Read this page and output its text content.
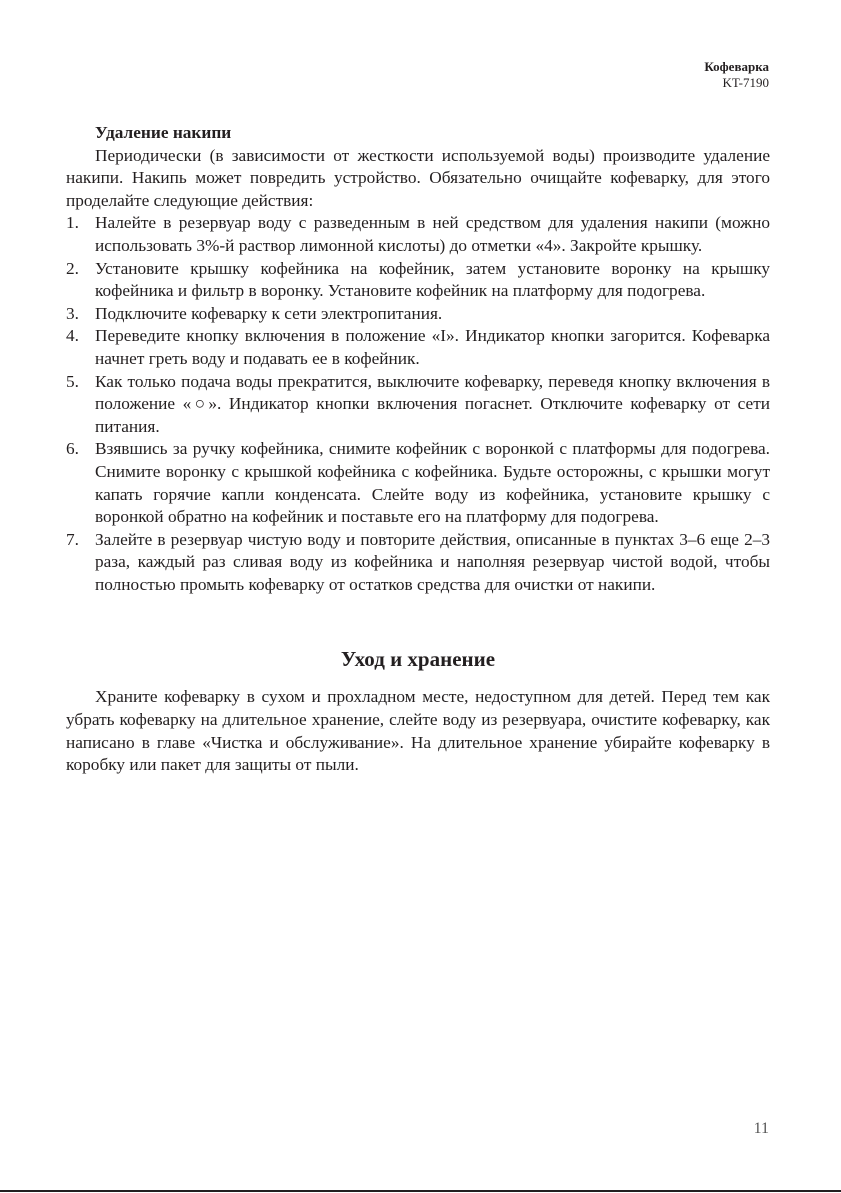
Кофеварка
KT-7190
Удаление накипи

Периодически (в зависимости от жесткости используемой воды) производите удаление накипи. Накипь может повредить устройство. Обязательно очищайте кофеварку, для этого проделайте следующие действия:

1. Налейте в резервуар воду с разведенным в ней средством для удаления накипи (можно использовать 3%-й раствор лимонной кислоты) до отметки «4». Закройте крышку.
2. Установите крышку кофейника на кофейник, затем установите воронку на крышку кофейника и фильтр в воронку. Установите кофейник на платформу для подогрева.
3. Подключите кофеварку к сети электропитания.
4. Переведите кнопку включения в положение «I». Индикатор кнопки загорится. Кофеварка начнет греть воду и подавать ее в кофейник.
5. Как только подача воды прекратится, выключите кофеварку, переведя кнопку включения в положение «○». Индикатор кнопки включения погаснет. Отключите кофеварку от сети питания.
6. Взявшись за ручку кофейника, снимите кофейник с воронкой с платформы для подогрева. Снимите воронку с крышкой кофейника с кофейника. Будьте осторожны, с крышки могут капать горячие капли конденсата. Слейте воду из кофейника, установите крышку с воронкой обратно на кофейник и поставьте его на платформу для подогрева.
7. Залейте в резервуар чистую воду и повторите действия, описанные в пунктах 3–6 еще 2–3 раза, каждый раз сливая воду из кофейника и наполняя резервуар чистой водой, чтобы полностью промыть кофеварку от остатков средства для очистки от накипи.
Уход и хранение

Храните кофеварку в сухом и прохладном месте, недоступном для детей. Перед тем как убрать кофеварку на длительное хранение, слейте воду из резервуара, очистите кофеварку, как написано в главе «Чистка и обслуживание». На длительное хранение убирайте кофеварку в коробку или пакет для защиты от пыли.

11
